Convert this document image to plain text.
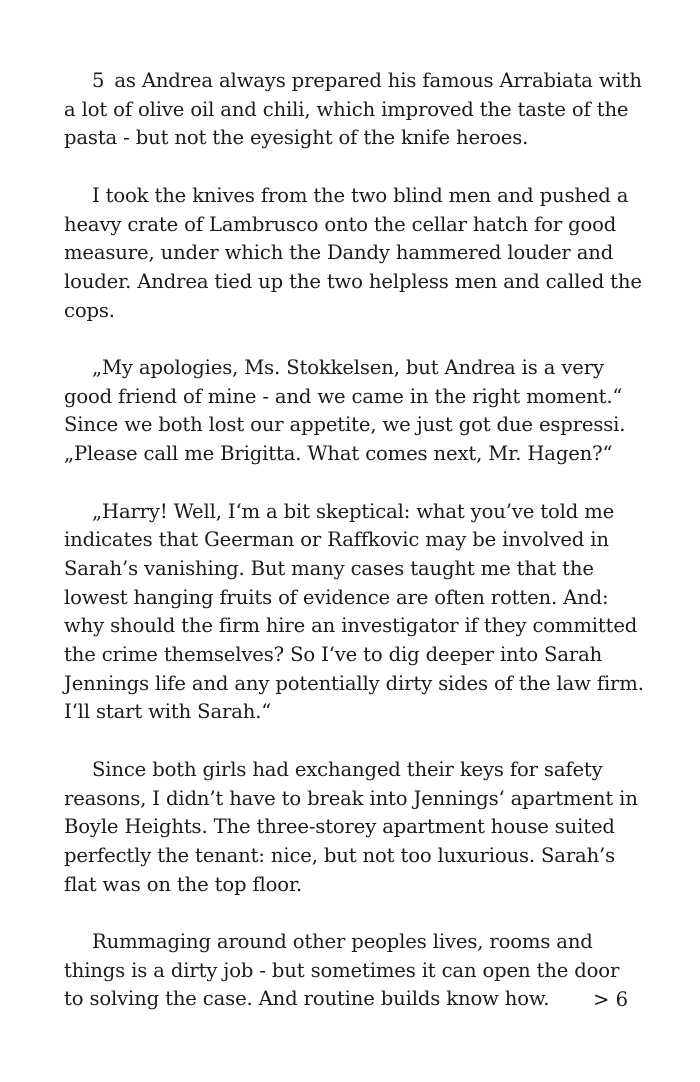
5 as Andrea always prepared his famous Arrabiata with a lot of olive oil and chili, which improved the taste of the pasta - but not the eyesight of the knife heroes.

I took the knives from the two blind men and pushed a heavy crate of Lambrusco onto the cellar hatch for good measure, under which the Dandy hammered louder and louder. Andrea tied up the two helpless men and called the cops.

„My apologies, Ms. Stokkelsen, but Andrea is a very good friend of mine - and we came in the right moment.“ Since we both lost our appetite, we just got due espressi. „Please call me Brigitta. What comes next, Mr. Hagen?“

„Harry! Well, I‘m a bit skeptical: what you’ve told me indicates that Geerman or Raffkovic may be involved in Sarah’s vanishing. But many cases taught me that the lowest hanging fruits of evidence are often rotten. And: why should the firm hire an investigator if they committed the crime themselves? So I‘ve to dig deeper into Sarah Jennings life and any potentially dirty sides of the law firm. I‘ll start with Sarah.“

Since both girls had exchanged their keys for safety reasons, I didn’t have to break into Jennings‘ apartment in Boyle Heights. The three-storey apartment house suited perfectly the tenant: nice, but not too luxurious. Sarah’s flat was on the top floor.

Rummaging around other peoples lives, rooms and things is a dirty job - but sometimes it can open the door to solving the case. And routine builds know how.	> 6
